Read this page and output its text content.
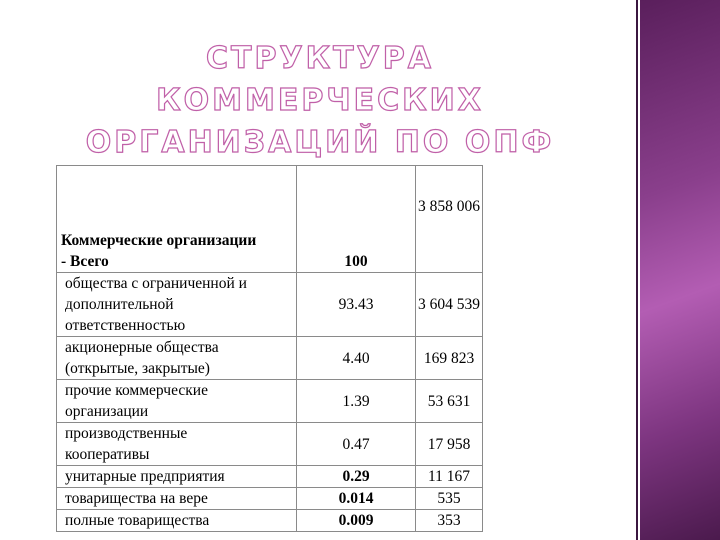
СТРУКТУРА КОММЕРЧЕСКИХ
ОРГАНИЗАЦИЙ ПО ОПФ
Коммерческие организации
- Всего	100	3 858 006

общества с ограниченной и
дополнительной
ответственностью	93.43	3 604 539

акционерные общества
(открытые, закрытые)	4.40	169 823

прочие коммерческие
организации	1.39	53 631

производственные
кооперативы	0.47	17 958
унитарные предприятия	0.29	11 167
товарищества на вере	0.014	535
полные товарищества	0.009	353
